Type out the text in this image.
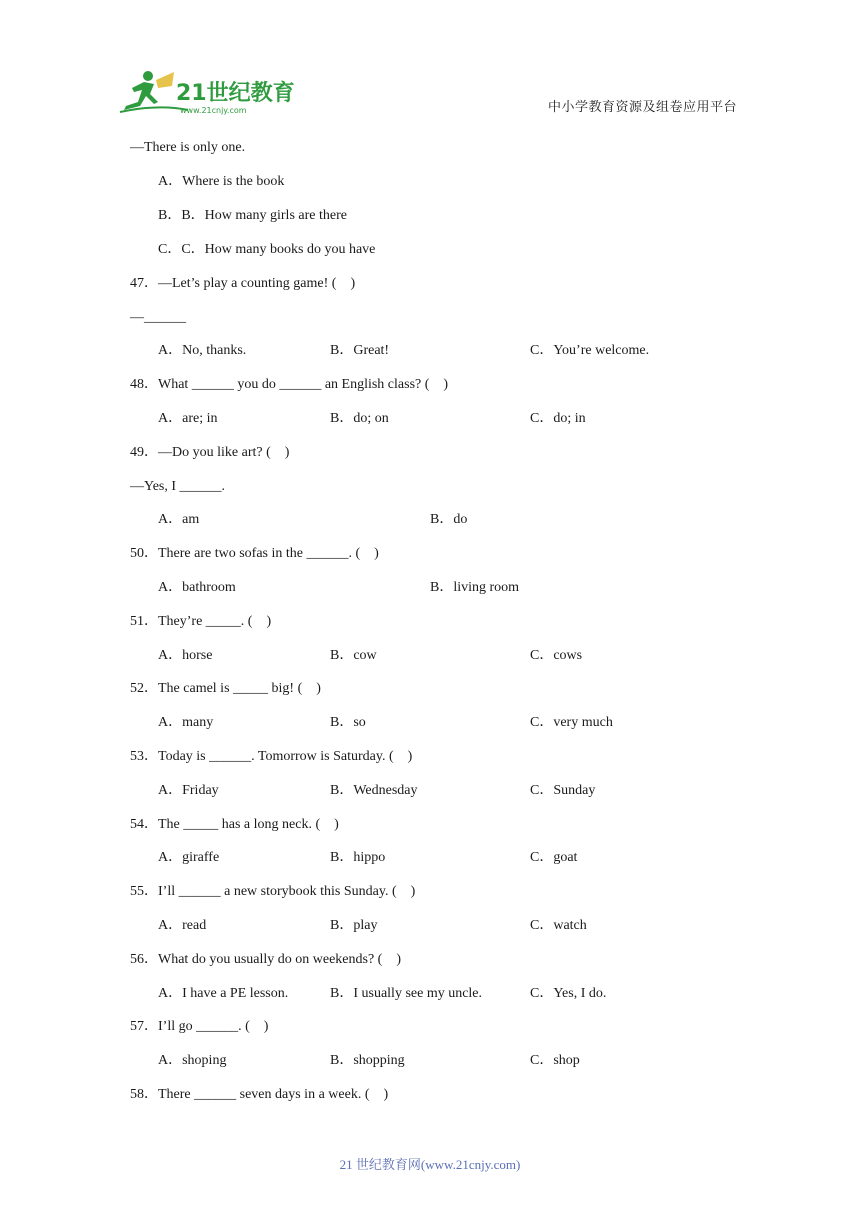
21世纪教育
www.21cnjy.com	中小学教育资源及组卷应用平台
—There is only one.
A．Where is the book
B．B．How many girls are there
C．C．How many books do you have
47．—Let’s play a counting game! (    )
—______
A．No, thanks.	B．Great!	C．You’re welcome.
48．What ______ you do ______ an English class? (    )
A．are; in	B．do; on	C．do; in
49．—Do you like art? (    )
—Yes, I ______.
A．am	B．do
50．There are two sofas in the ______. (    )
A．bathroom	B．living room
51．They’re _____. (    )
A．horse	B．cow	C．cows
52．The camel is _____ big! (    )
A．many	B．so	C．very much
53．Today is ______. Tomorrow is Saturday. (    )
A．Friday	B．Wednesday	C．Sunday
54．The _____ has a long neck. (    )
A．giraffe	B．hippo	C．goat
55．I’ll ______ a new storybook this Sunday. (    )
A．read	B．play	C．watch
56．What do you usually do on weekends? (    )
A．I have a PE lesson.	B．I usually see my uncle.	C．Yes, I do.
57．I’ll go ______. (    )
A．shoping	B．shopping	C．shop
58．There ______ seven days in a week. (    )
21 世纪教育网(www.21cnjy.com)
